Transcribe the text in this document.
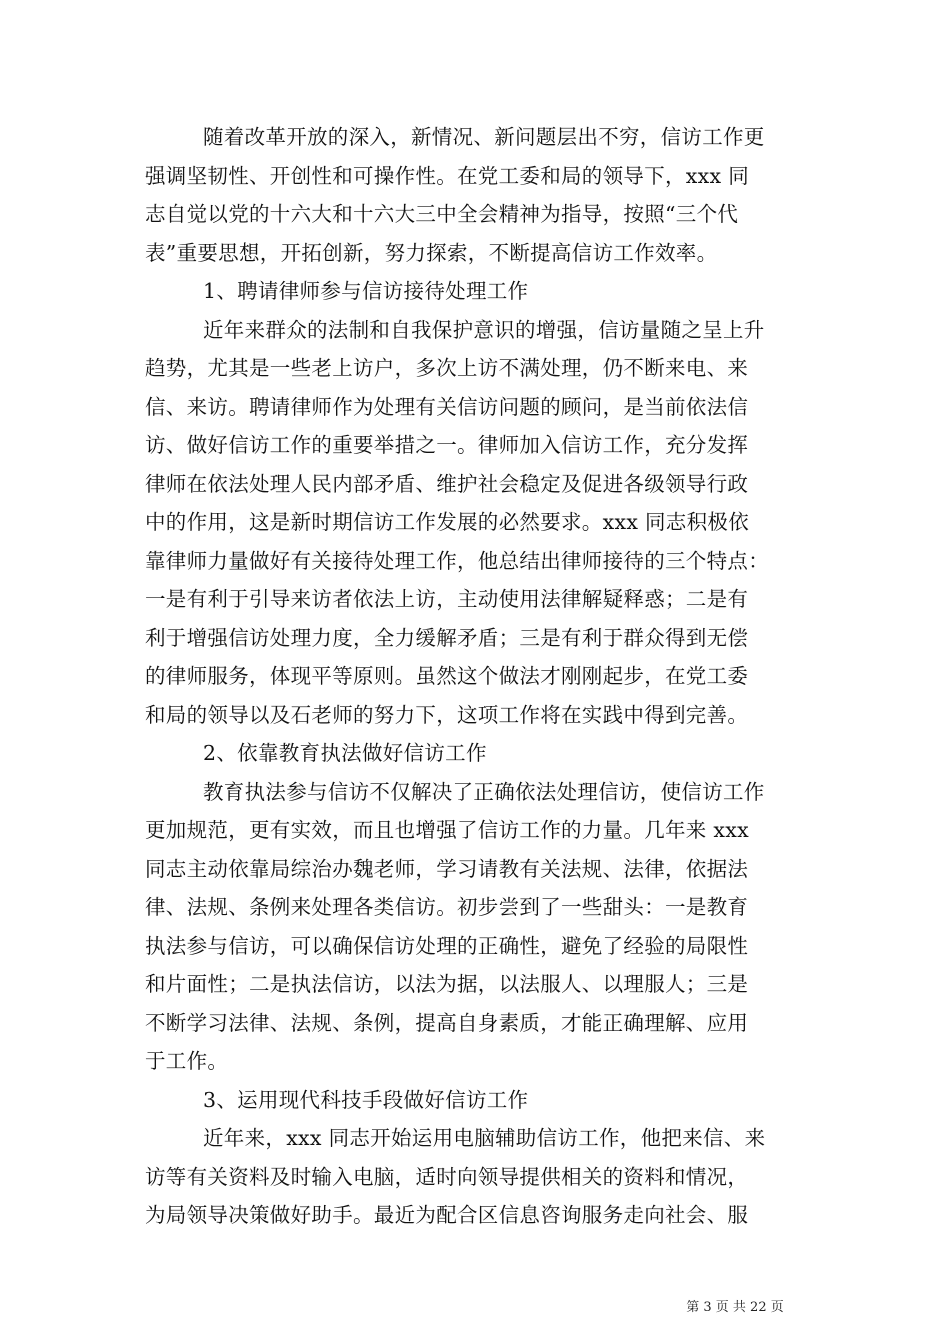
随着改革开放的深入，新情况、新问题层出不穷，信访工作更
强调坚韧性、开创性和可操作性。在党工委和局的领导下，xxx 同
志自觉以党的十六大和十六大三中全会精神为指导，按照“三个代
表”重要思想，开拓创新，努力探索，不断提高信访工作效率。
1、聘请律师参与信访接待处理工作
近年来群众的法制和自我保护意识的增强，信访量随之呈上升
趋势，尤其是一些老上访户，多次上访不满处理，仍不断来电、来
信、来访。聘请律师作为处理有关信访问题的顾问，是当前依法信
访、做好信访工作的重要举措之一。律师加入信访工作，充分发挥
律师在依法处理人民内部矛盾、维护社会稳定及促进各级领导行政
中的作用，这是新时期信访工作发展的必然要求。xxx 同志积极依
靠律师力量做好有关接待处理工作，他总结出律师接待的三个特点：
一是有利于引导来访者依法上访，主动使用法律解疑释惑；二是有
利于增强信访处理力度，全力缓解矛盾；三是有利于群众得到无偿
的律师服务，体现平等原则。虽然这个做法才刚刚起步，在党工委
和局的领导以及石老师的努力下，这项工作将在实践中得到完善。
2、依靠教育执法做好信访工作
教育执法参与信访不仅解决了正确依法处理信访，使信访工作
更加规范，更有实效，而且也增强了信访工作的力量。几年来 xxx
同志主动依靠局综治办魏老师，学习请教有关法规、法律，依据法
律、法规、条例来处理各类信访。初步尝到了一些甜头：一是教育
执法参与信访，可以确保信访处理的正确性，避免了经验的局限性
和片面性；二是执法信访，以法为据，以法服人、以理服人；三是
不断学习法律、法规、条例，提高自身素质，才能正确理解、应用
于工作。
3、运用现代科技手段做好信访工作
近年来，xxx 同志开始运用电脑辅助信访工作，他把来信、来
访等有关资料及时输入电脑，适时向领导提供相关的资料和情况，
为局领导决策做好助手。最近为配合区信息咨询服务走向社会、服
第 3 页 共 22 页
